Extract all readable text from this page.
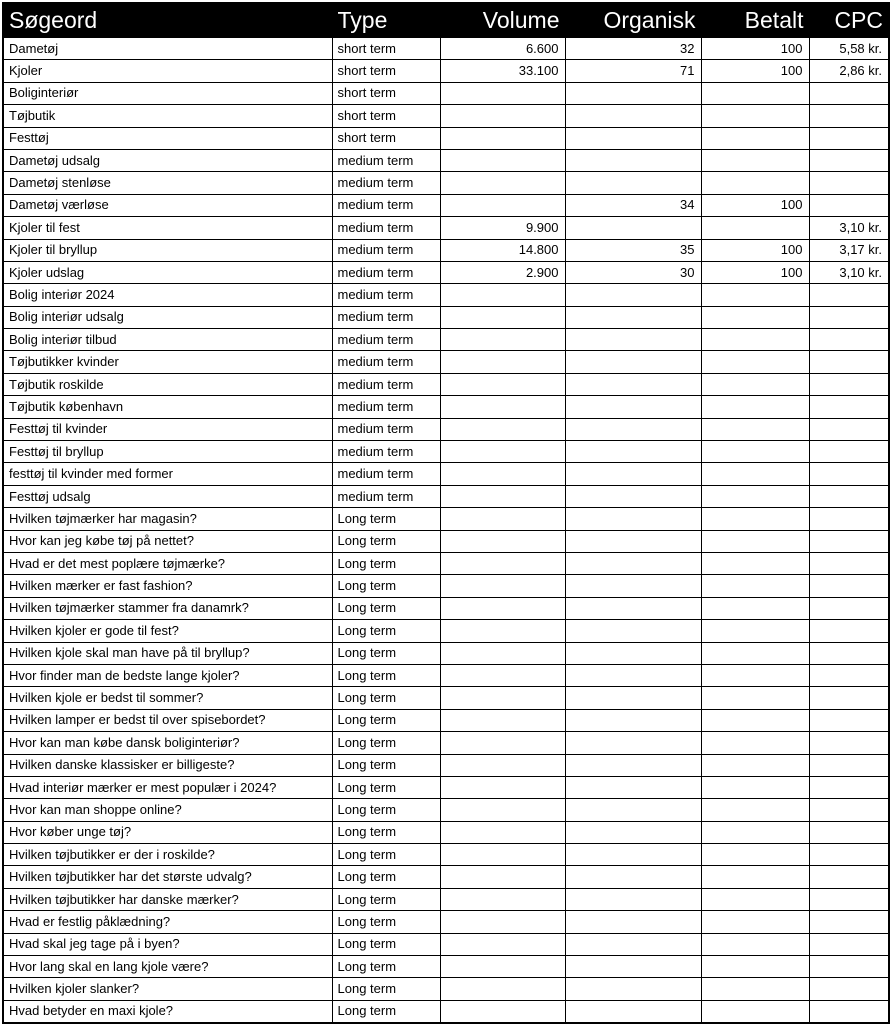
Søgeord	Type	Volume	Organisk	Betalt	CPC
Dametøj	short term	6.600	32	100	5,58 kr.
Kjoler	short term	33.100	71	100	2,86 kr.
Boliginteriør	short term				
Tøjbutik	short term				
Festtøj	short term				
Dametøj udsalg	medium term				
Dametøj stenløse	medium term				
Dametøj værløse	medium term		34	100	
Kjoler til fest	medium term	9.900			3,10 kr.
Kjoler til bryllup	medium term	14.800	35	100	3,17 kr.
Kjoler udslag	medium term	2.900	30	100	3,10 kr.
Bolig interiør 2024	medium term				
Bolig interiør udsalg	medium term				
Bolig interiør tilbud	medium term				
Tøjbutikker kvinder	medium term				
Tøjbutik roskilde	medium term				
Tøjbutik københavn	medium term				
Festtøj til kvinder	medium term				
Festtøj til bryllup	medium term				
festtøj til kvinder med former	medium term				
Festtøj udsalg	medium term				
Hvilken tøjmærker har magasin?	Long term				
Hvor kan jeg købe tøj på nettet?	Long term				
Hvad er det mest poplære tøjmærke?	Long term				
Hvilken mærker er fast fashion?	Long term				
Hvilken tøjmærker stammer fra danamrk?	Long term				
Hvilken kjoler er gode til fest?	Long term				
Hvilken kjole skal man have på til bryllup?	Long term				
Hvor finder man de bedste lange kjoler?	Long term				
Hvilken kjole er bedst til sommer?	Long term				
Hvilken lamper er bedst til over spisebordet?	Long term				
Hvor kan man købe dansk boliginteriør?	Long term				
Hvilken danske klassisker er billigeste?	Long term				
Hvad interiør mærker er mest populær i 2024?	Long term				
Hvor kan man shoppe online?	Long term				
Hvor køber unge tøj?	Long term				
Hvilken tøjbutikker er der i roskilde?	Long term				
Hvilken tøjbutikker har det største udvalg?	Long term				
Hvilken tøjbutikker har danske mærker?	Long term				
Hvad er festlig påklædning?	Long term				
Hvad skal jeg tage på i byen?	Long term				
Hvor lang skal en lang kjole være?	Long term				
Hvilken kjoler slanker?	Long term				
Hvad betyder en maxi kjole?	Long term				
